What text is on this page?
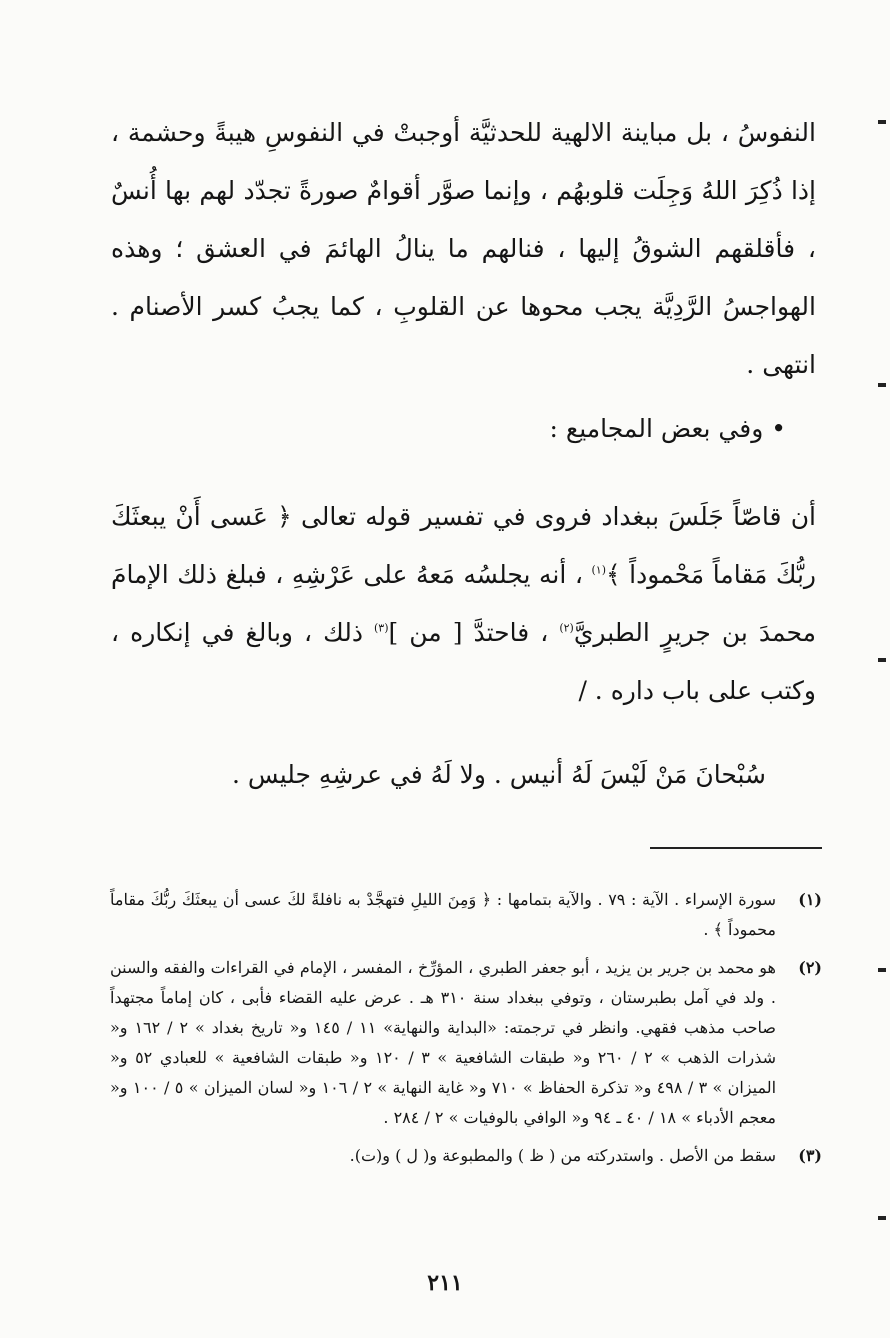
النفوسُ ، بل مباينة الالهية للحدثيَّة أوجبتْ في النفوسِ هيبةً وحشمة ، إذا ذُكِرَ اللهُ وَجِلَت قلوبهُم ، وإنما صوَّر أقوامٌ صورةً تجدّد لهم بها أُنسٌ ، فأقلقهم الشوقُ إليها ، فنالهم ما ينالُ الهائمَ في العشق ؛ وهذه الهواجسُ الرَّدِيَّة يجب محوها عن القلوبِ ، كما يجبُ كسر الأصنام . انتهى .

• وفي بعض المجاميع :

أن قاصّاً جَلَسَ ببغداد فروى في تفسير قوله تعالى ﴿ عَسى أَنْ يبعثَكَ ربُّكَ مَقاماً مَحْموداً ﴾$^{(١)}$ ، أنه يجلسُه مَعهُ على عَرْشِهِ ، فبلغ ذلك الإمامَ محمدَ بن جريرٍ الطبريَّ$^{(٢)}$ ، فاحتدَّ [ من ]$^{(٣)}$ ذلك ، وبالغ في إنكاره ، وكتب على باب داره . /

سُبْحانَ مَنْ لَيْسَ لَهُ أنيس . ولا لَهُ في عرشِهِ جليس .

(١)
سورة الإسراء . الآية : ٧٩ . والآية بتمامها : ﴿ وَمِنَ الليلِ فتهجَّدْ به نافلةً لكَ عسى أن يبعثَكَ ربُّكَ مقاماً محموداً ﴾ .
(٢)
هو محمد بن جرير بن يزيد ، أبو جعفر الطبري ، المؤرِّخ ، المفسر ، الإمام في القراءات والفقه والسنن . ولد في آمل بطبرستان ، وتوفي ببغداد سنة ٣١٠ هـ . عرض عليه القضاء فأبى ، كان إماماً مجتهداً صاحب مذهب فقهي. وانظر في ترجمته: «البداية والنهاية» ١١ / ١٤٥ و« تاريخ بغداد » ٢ / ١٦٢ و« شذرات الذهب » ٢ / ٢٦٠ و« طبقات الشافعية » ٣ / ١٢٠ و« طبقات الشافعية » للعبادي ٥٢ و« الميزان » ٣ / ٤٩٨ و« تذكرة الحفاظ » ٧١٠ و« غاية النهاية » ٢ / ١٠٦ و« لسان الميزان » ٥ / ١٠٠ و« معجم الأدباء » ١٨ / ٤٠ ـ ٩٤ و« الوافي بالوفيات » ٢ / ٢٨٤ .
(٣)
سقط من الأصل . واستدركته من ( ظ ) والمطبوعة و( ل ) و(ت).
٢١١
